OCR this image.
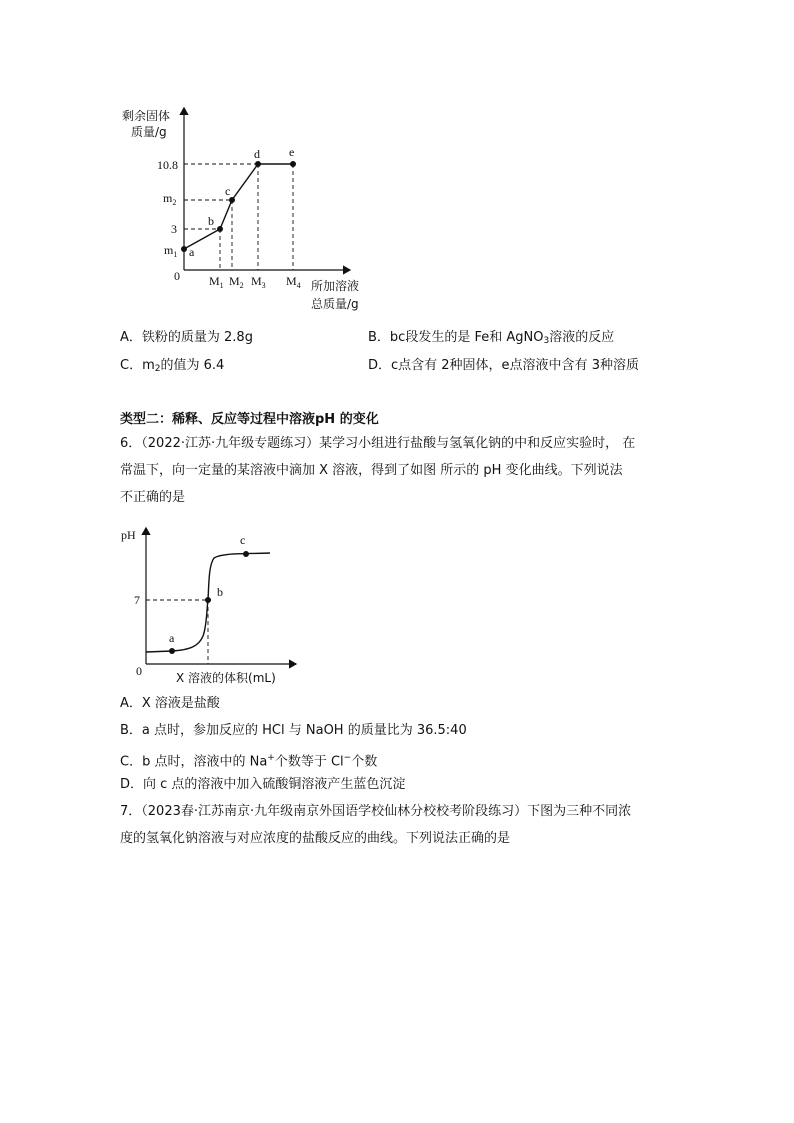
a
b
c
d e
剩余固体
质量/g
10.8
$m_2$
3
$m_1$
0 $M_1$ $M_2$ $M_3$ $M_4$ 所加溶液
总质量/g
A．铁粉的质量为 2.8g	B．bc段发生的是 Fe和 AgNO$_3$溶液的反应
C．$m_2$的值为 6.4	D．c点含有 2种固体，e点溶液中含有 3种溶质
类型二：稀释、反应等过程中溶液pH 的变化
6．（2022·江苏·九年级专题练习）某学习小组进行盐酸与氢氧化钠的中和反应实验时， 在
常温下，向一定量的某溶液中滴加 X 溶液，得到了如图 所示的 pH 变化曲线。下列说法
不正确的是
a
b
c
pH
7
0	X 溶液的体积(mL)
A．X 溶液是盐酸
B．a 点时，参加反应的 HCl 与 NaOH 的质量比为 36.5:40
C．b 点时，溶液中的 Na+个数等于 Cl−个数
D．向 c 点的溶液中加入硫酸铜溶液产生蓝色沉淀
7．（2023春·江苏南京·九年级南京外国语学校仙林分校校考阶段练习）下图为三种不同浓
度的氢氧化钠溶液与对应浓度的盐酸反应的曲线。下列说法正确的是
